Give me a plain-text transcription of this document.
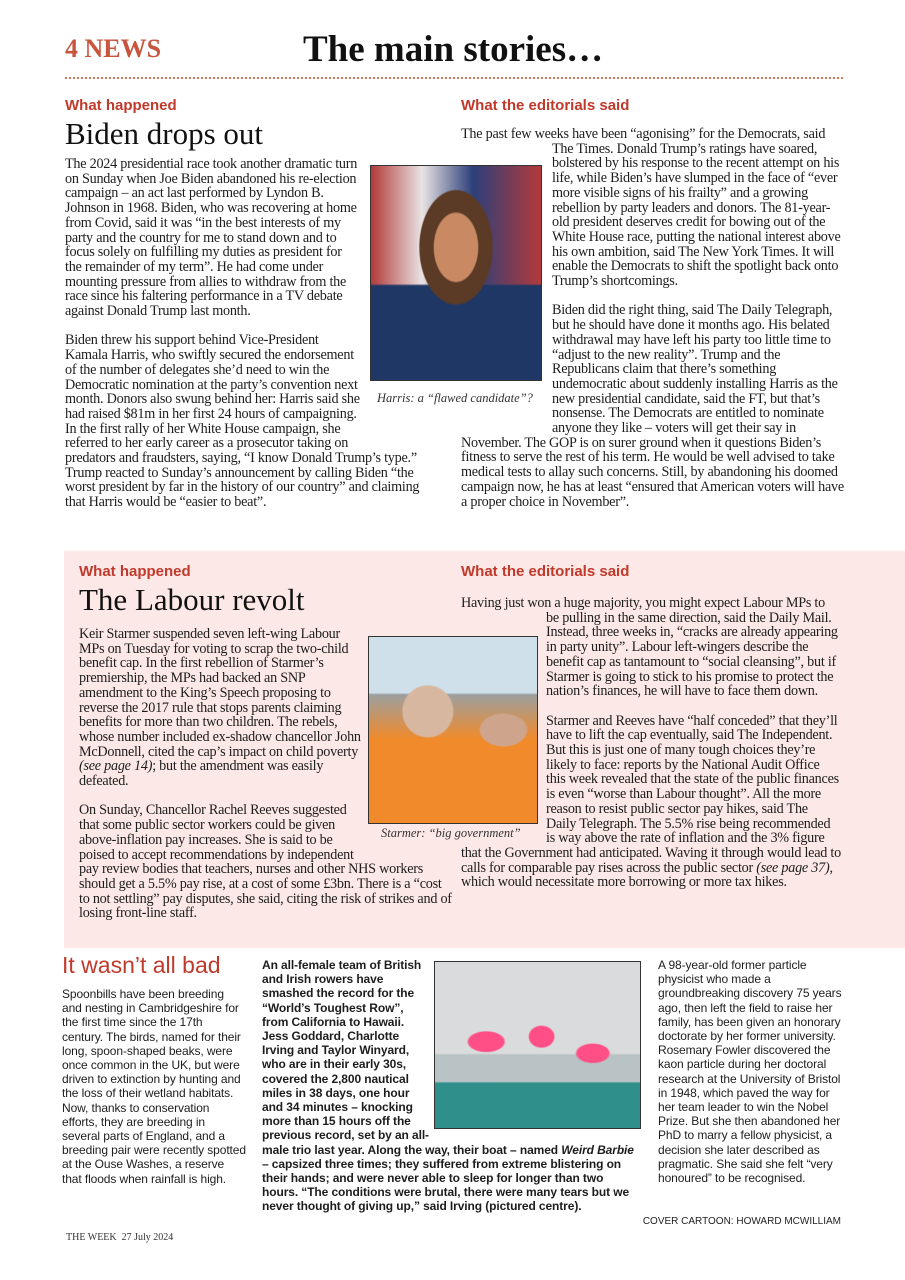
4 NEWS	The main stories…
What happened
Biden drops out

The 2024 presidential race took another dramatic turn on Sunday when Joe Biden abandoned his re-election campaign – an act last performed by Lyndon B. Johnson in 1968. Biden, who was recovering at home from Covid, said it was “in the best interests of my party and the country for me to stand down and to focus solely on fulfilling my duties as president for the remainder of my term”. He had come under mounting pressure from allies to withdraw from the race since his faltering performance in a TV debate against Donald Trump last month.

Biden threw his support behind Vice-President Kamala Harris, who swiftly secured the endorsement of the number of delegates she’d need to win the Democratic nomination at the party’s convention next month. Donors also swung behind her: Harris said she had raised $81m in her first 24 hours of campaigning. In the first rally of her White House campaign, she referred to her early career as a prosecutor taking on predators and fraudsters, saying, “I know Donald Trump’s type.” Trump reacted to Sunday’s announcement by calling Biden “the worst president by far in the history of our country” and claiming that Harris would be “easier to beat”.

Harris: a “flawed candidate”?
What the editorials said

The past few weeks have been “agonising” for the Democrats, said The Times. Donald Trump’s ratings have soared, bolstered by his response to the recent attempt on his life, while Biden’s have slumped in the face of “ever more visible signs of his frailty” and a growing rebellion by party leaders and donors. The 81-year-old president deserves credit for bowing out of the White House race, putting the national interest above his own ambition, said The New York Times. It will enable the Democrats to shift the spotlight back onto Trump’s shortcomings.

Biden did the right thing, said The Daily Telegraph, but he should have done it months ago. His belated withdrawal may have left his party too little time to “adjust to the new reality”. Trump and the Republicans claim that there’s something undemocratic about suddenly installing Harris as the new presidential candidate, said the FT, but that’s nonsense. The Democrats are entitled to nominate anyone they like – voters will get their say in November. The GOP is on surer ground when it questions Biden’s fitness to serve the rest of his term. He would be well advised to take medical tests to allay such concerns. Still, by abandoning his doomed campaign now, he has at least “ensured that American voters will have a proper choice in November”.

What happened
The Labour revolt

Keir Starmer suspended seven left-wing Labour MPs on Tuesday for voting to scrap the two-child benefit cap. In the first rebellion of Starmer’s premiership, the MPs had backed an SNP amendment to the King’s Speech proposing to reverse the 2017 rule that stops parents claiming benefits for more than two children. The rebels, whose number included ex-shadow chancellor John McDonnell, cited the cap’s impact on child poverty (see page 14); but the amendment was easily defeated.

On Sunday, Chancellor Rachel Reeves suggested that some public sector workers could be given above-inflation pay increases. She is said to be poised to accept recommendations by independent pay review bodies that teachers, nurses and other NHS workers should get a 5.5% pay rise, at a cost of some £3bn. There is a “cost to not settling” pay disputes, she said, citing the risk of strikes and of losing front-line staff.

Starmer: “big government”
What the editorials said

Having just won a huge majority, you might expect Labour MPs to be pulling in the same direction, said the Daily Mail. Instead, three weeks in, “cracks are already appearing in party unity”. Labour left-wingers describe the benefit cap as tantamount to “social cleansing”, but if Starmer is going to stick to his promise to protect the nation’s finances, he will have to face them down.

Starmer and Reeves have “half conceded” that they’ll have to lift the cap eventually, said The Independent. But this is just one of many tough choices they’re likely to face: reports by the National Audit Office this week revealed that the state of the public finances is even “worse than Labour thought”. All the more reason to resist public sector pay hikes, said The Daily Telegraph. The 5.5% rise being recommended is way above the rate of inflation and the 3% figure that the Government had anticipated. Waving it through would lead to calls for comparable pay rises across the public sector (see page 37), which would necessitate more borrowing or more tax hikes.

It wasn’t all bad
Spoonbills have been breeding and nesting in Cambridgeshire for the first time since the 17th century. The birds, named for their long, spoon-shaped beaks, were once common in the UK, but were driven to extinction by hunting and the loss of their wetland habitats. Now, thanks to conservation efforts, they are breeding in several parts of England, and a breeding pair were recently spotted at the Ouse Washes, a reserve that floods when rainfall is high.
An all-female team of British and Irish rowers have smashed the record for the “World’s Toughest Row”, from California to Hawaii. Jess Goddard, Charlotte Irving and Taylor Winyard, who are in their early 30s, covered the 2,800 nautical miles in 38 days, one hour and 34 minutes – knocking more than 15 hours off the previous record, set by an all-male trio last year. Along the way, their boat – named Weird Barbie – capsized three times; they suffered from extreme blistering on their hands; and were never able to sleep for longer than two hours. “The conditions were brutal, there were many tears but we never thought of giving up,” said Irving (pictured centre).
A 98-year-old former particle physicist who made a groundbreaking discovery 75 years ago, then left the field to raise her family, has been given an honorary doctorate by her former university. Rosemary Fowler discovered the kaon particle during her doctoral research at the University of Bristol in 1948, which paved the way for her team leader to win the Nobel Prize. But she then abandoned her PhD to marry a fellow physicist, a decision she later described as pragmatic. She said she felt “very honoured” to be recognised.
COVER CARTOON: HOWARD MCWILLIAM
THE WEEK 27 July 2024
